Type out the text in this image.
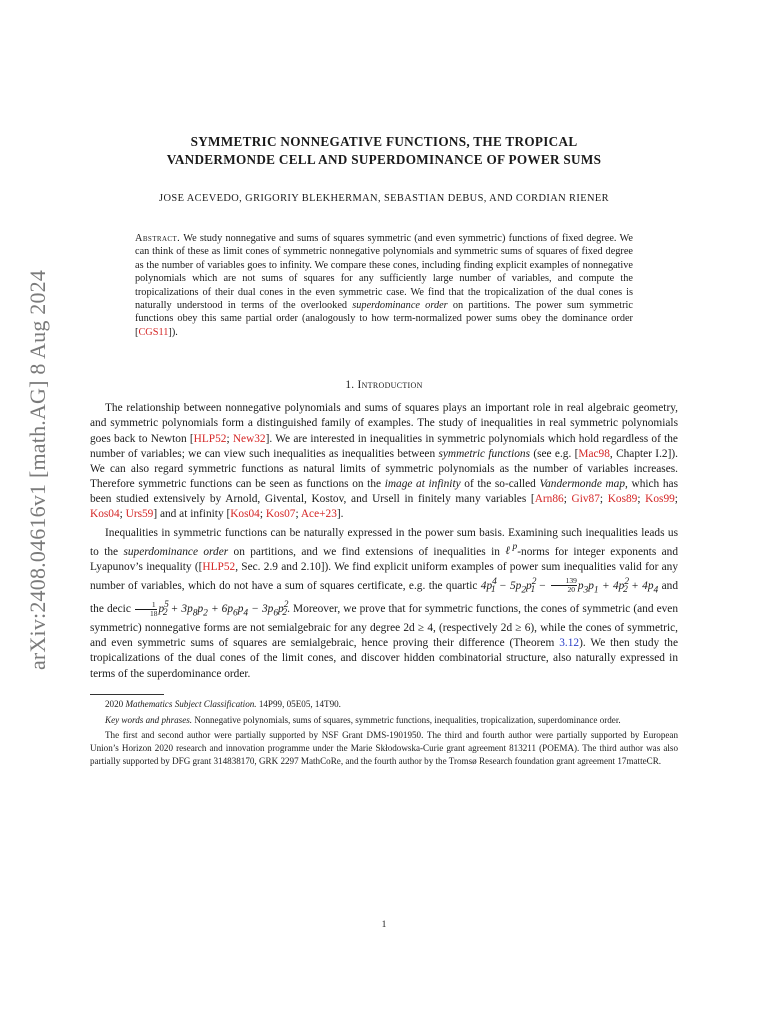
arXiv:2408.04616v1 [math.AG] 8 Aug 2024
SYMMETRIC NONNEGATIVE FUNCTIONS, THE TROPICAL
VANDERMONDE CELL AND SUPERDOMINANCE OF POWER SUMS
JOSE ACEVEDO, GRIGORIY BLEKHERMAN, SEBASTIAN DEBUS, AND CORDIAN RIENER
Abstract. We study nonnegative and sums of squares symmetric (and even symmetric) functions of fixed degree. We can think of these as limit cones of symmetric nonnegative polynomials and symmetric sums of squares of fixed degree as the number of variables goes to infinity. We compare these cones, including finding explicit examples of nonnegative polynomials which are not sums of squares for any sufficiently large number of variables, and compute the tropicalizations of their dual cones in the even symmetric case. We find that the tropicalization of the dual cones is naturally understood in terms of the overlooked superdominance order on partitions. The power sum symmetric functions obey this same partial order (analogously to how term-normalized power sums obey the dominance order [CGS11]).
1. Introduction

The relationship between nonnegative polynomials and sums of squares plays an important role in real algebraic geometry, and symmetric polynomials form a distinguished family of examples. The study of inequalities in real symmetric polynomials goes back to Newton [HLP52; New32]. We are interested in inequalities in symmetric polynomials which hold regardless of the number of variables; we can view such inequalities as inequalities between symmetric functions (see e.g. [Mac98, Chapter I.2]). We can also regard symmetric functions as natural limits of symmetric polynomials as the number of variables increases. Therefore symmetric functions can be seen as functions on the image at infinity of the so-called Vandermonde map, which has been studied extensively by Arnold, Givental, Kostov, and Ursell in finitely many variables [Arn86; Giv87; Kos89; Kos99; Kos04; Urs59] and at infinity [Kos04; Kos07; Ace+23].

Inequalities in symmetric functions can be naturally expressed in the power sum basis. Examining such inequalities leads us to the superdominance order on partitions, and we find extensions of inequalities in ℓ$^p$-norms for integer exponents and Lyapunov’s inequality ([HLP52, Sec. 2.9 and 2.10]). We find explicit uniform examples of power sum inequalities valid for any number of variables, which do not have a sum of squares certificate, e.g. the quartic $4p^4_1 - 5p_2p^2_1 - \frac{139}{20} p_3p_1 + 4p^2_2 + 4p_4$ and the decic $\frac{1}{18} p^5_2 + 3p_8p_2 + 6p_6p_4 - 3p_6p^2_2$. Moreover, we prove that for symmetric functions, the cones of symmetric (and even symmetric) nonnegative forms are not semialgebraic for any degree 2d ≥ 4, (respectively 2d ≥ 6), while the cones of symmetric, and even symmetric sums of squares are semialgebraic, hence proving their difference (Theorem 3.12). We then study the tropicalizations of the dual cones of the limit cones, and discover hidden combinatorial structure, also naturally expressed in terms of the superdominance order.

2020 Mathematics Subject Classification. 14P99, 05E05, 14T90.

Key words and phrases. Nonnegative polynomials, sums of squares, symmetric functions, inequalities, tropicalization, superdominance order.

The first and second author were partially supported by NSF Grant DMS-1901950. The third and fourth author were partially supported by European Union’s Horizon 2020 research and innovation programme under the Marie Skłodowska-Curie grant agreement 813211 (POEMA). The third author was also partially supported by DFG grant 314838170, GRK 2297 MathCoRe, and the fourth author by the Tromsø Research foundation grant agreement 17matteCR.

1
